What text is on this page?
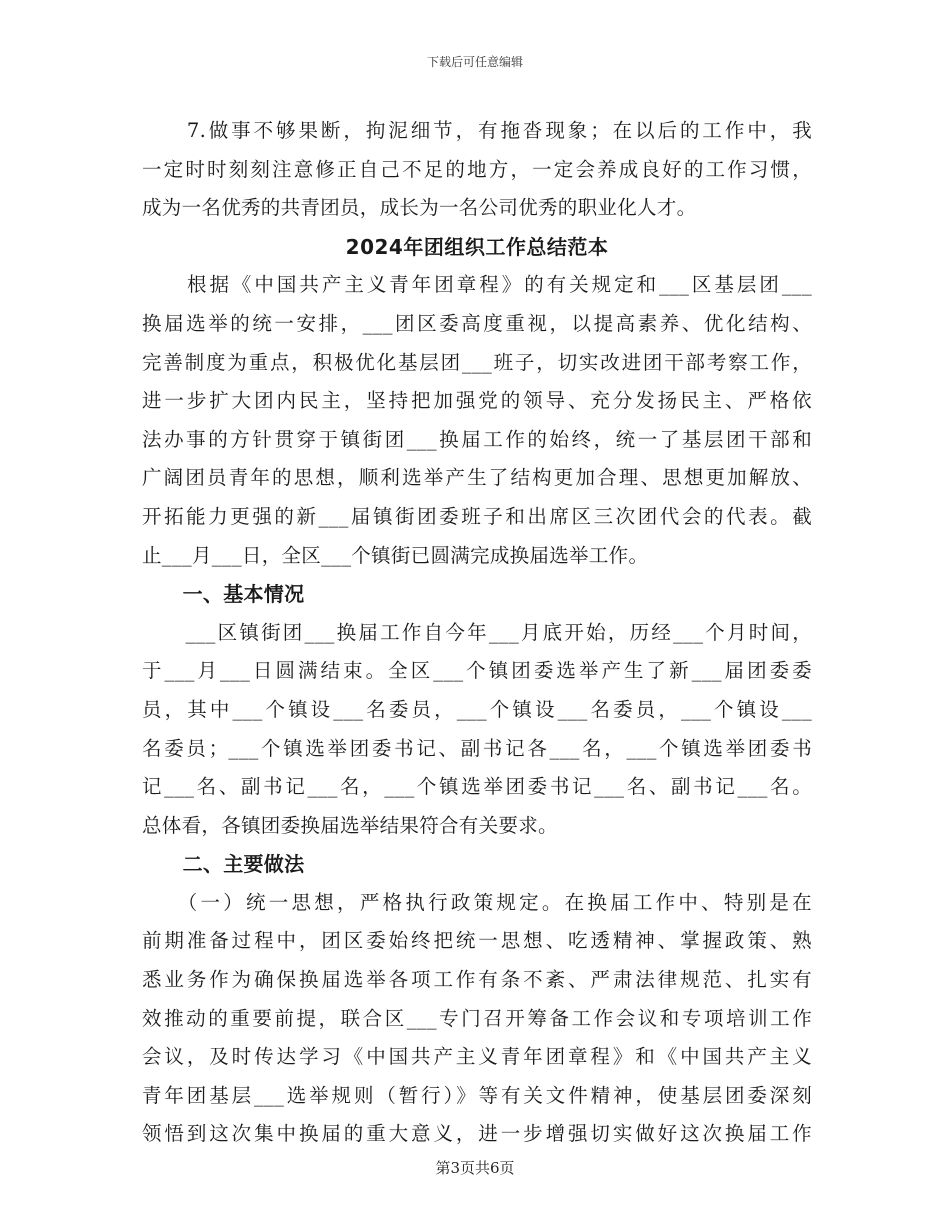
下载后可任意编辑
　　7.做事不够果断，拘泥细节，有拖沓现象；在以后的工作中，我
一定时时刻刻注意修正自己不足的地方，一定会养成良好的工作习惯，
成为一名优秀的共青团员，成长为一名公司优秀的职业化人才。
2024年团组织工作总结范本
　　根据《中国共产主义青年团章程》的有关规定和___区基层团___
换届选举的统一安排，___团区委高度重视，以提高素养、优化结构、
完善制度为重点，积极优化基层团___班子，切实改进团干部考察工作，
进一步扩大团内民主，坚持把加强党的领导、充分发扬民主、严格依
法办事的方针贯穿于镇街团___换届工作的始终，统一了基层团干部和
广阔团员青年的思想，顺利选举产生了结构更加合理、思想更加解放、
开拓能力更强的新___届镇街团委班子和出席区三次团代会的代表。截
止___月___日，全区___个镇街已圆满完成换届选举工作。
　　一、基本情况
　　___区镇街团___换届工作自今年___月底开始，历经___个月时间，
于___月___日圆满结束。全区___个镇团委选举产生了新___届团委委
员，其中___个镇设___名委员，___个镇设___名委员，___个镇设___
名委员；___个镇选举团委书记、副书记各___名，___个镇选举团委书
记___名、副书记___名，___个镇选举团委书记___名、副书记___名。
总体看，各镇团委换届选举结果符合有关要求。
　　二、主要做法
　　（一）统一思想，严格执行政策规定。在换届工作中、特别是在
前期准备过程中，团区委始终把统一思想、吃透精神、掌握政策、熟
悉业务作为确保换届选举各项工作有条不紊、严肃法律规范、扎实有
效推动的重要前提，联合区___专门召开筹备工作会议和专项培训工作
会议，及时传达学习《中国共产主义青年团章程》和《中国共产主义
青年团基层___选举规则（暂行）》等有关文件精神，使基层团委深刻
领悟到这次集中换届的重大意义，进一步增强切实做好这次换届工作
第3页共6页
